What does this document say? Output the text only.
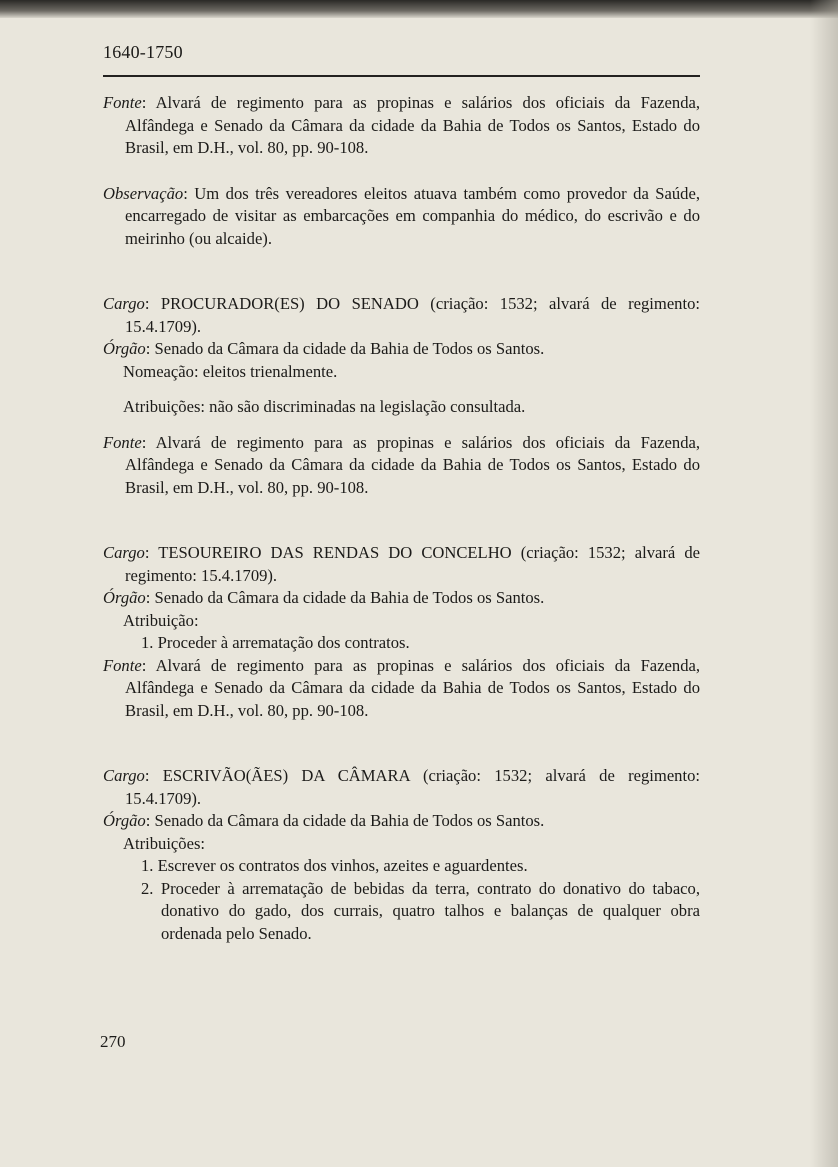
1640-1750

Fonte: Alvará de regimento para as propinas e salários dos oficiais da Fazenda, Alfândega e Senado da Câmara da cidade da Bahia de Todos os Santos, Estado do Brasil, em D.H., vol. 80, pp. 90-108.

Observação: Um dos três vereadores eleitos atuava também como provedor da Saúde, encarregado de visitar as embarcações em companhia do médico, do escrivão e do meirinho (ou alcaide).

Cargo: PROCURADOR(ES) DO SENADO (criação: 1532; alvará de regimento: 15.4.1709).

Órgão: Senado da Câmara da cidade da Bahia de Todos os Santos.

Nomeação: eleitos trienalmente.

Atribuições: não são discriminadas na legislação consultada.

Fonte: Alvará de regimento para as propinas e salários dos oficiais da Fazenda, Alfândega e Senado da Câmara da cidade da Bahia de Todos os Santos, Estado do Brasil, em D.H., vol. 80, pp. 90-108.

Cargo: TESOUREIRO DAS RENDAS DO CONCELHO (criação: 1532; alvará de regimento: 15.4.1709).

Órgão: Senado da Câmara da cidade da Bahia de Todos os Santos.

Atribuição:

1. Proceder à arrematação dos contratos.

Fonte: Alvará de regimento para as propinas e salários dos oficiais da Fazenda, Alfândega e Senado da Câmara da cidade da Bahia de Todos os Santos, Estado do Brasil, em D.H., vol. 80, pp. 90-108.

Cargo: ESCRIVÃO(ÃES) DA CÂMARA (criação: 1532; alvará de regimento: 15.4.1709).

Órgão: Senado da Câmara da cidade da Bahia de Todos os Santos.

Atribuições:

1. Escrever os contratos dos vinhos, azeites e aguardentes.

2. Proceder à arrematação de bebidas da terra, contrato do donativo do tabaco, donativo do gado, dos currais, quatro talhos e balanças de qualquer obra ordenada pelo Senado.

270
